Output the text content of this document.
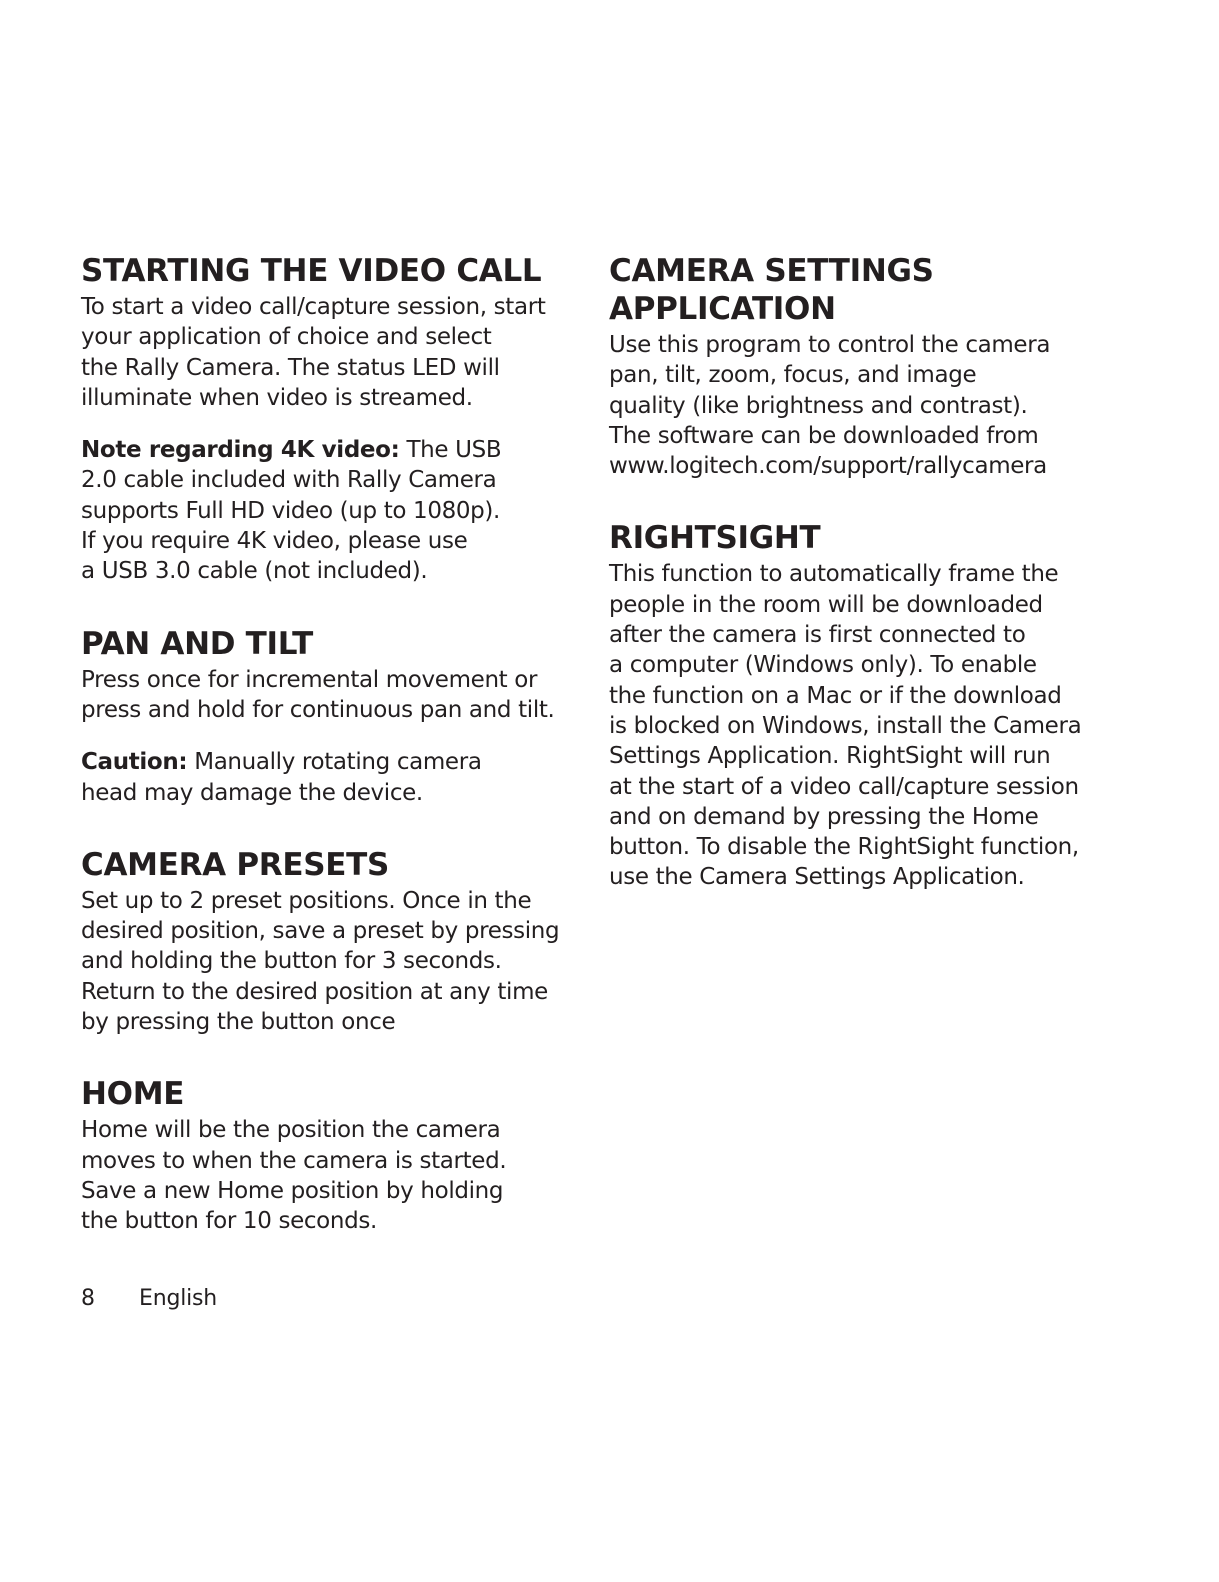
STARTING THE VIDEO CALL

To start a video call/capture session, start
your application of choice and select
the Rally Camera. The status LED will
illuminate when video is streamed.

Note regarding 4K video: The USB
2.0 cable included with Rally Camera
supports Full HD video (up to 1080p).
If you require 4K video, please use
a USB 3.0 cable (not included).

PAN AND TILT

Press once for incremental movement or
press and hold for continuous pan and tilt.

Caution: Manually rotating camera
head may damage the device.

CAMERA PRESETS

Set up to 2 preset positions. Once in the
desired position, save a preset by pressing
and holding the button for 3 seconds.
Return to the desired position at any time
by pressing the button once

HOME

Home will be the position the camera
moves to when the camera is started.
Save a new Home position by holding
the button for 10 seconds.

CAMERA SETTINGS
APPLICATION

Use this program to control the camera
pan, tilt, zoom, focus, and image
quality (like brightness and contrast).
The software can be downloaded from
www.logitech.com/support/rallycamera

RIGHTSIGHT

This function to automatically frame the
people in the room will be downloaded
after the camera is first connected to
a computer (Windows only). To enable
the function on a Mac or if the download
is blocked on Windows, install the Camera
Settings Application. RightSight will run
at the start of a video call/capture session
and on demand by pressing the Home
button. To disable the RightSight function,
use the Camera Settings Application.

8 English
